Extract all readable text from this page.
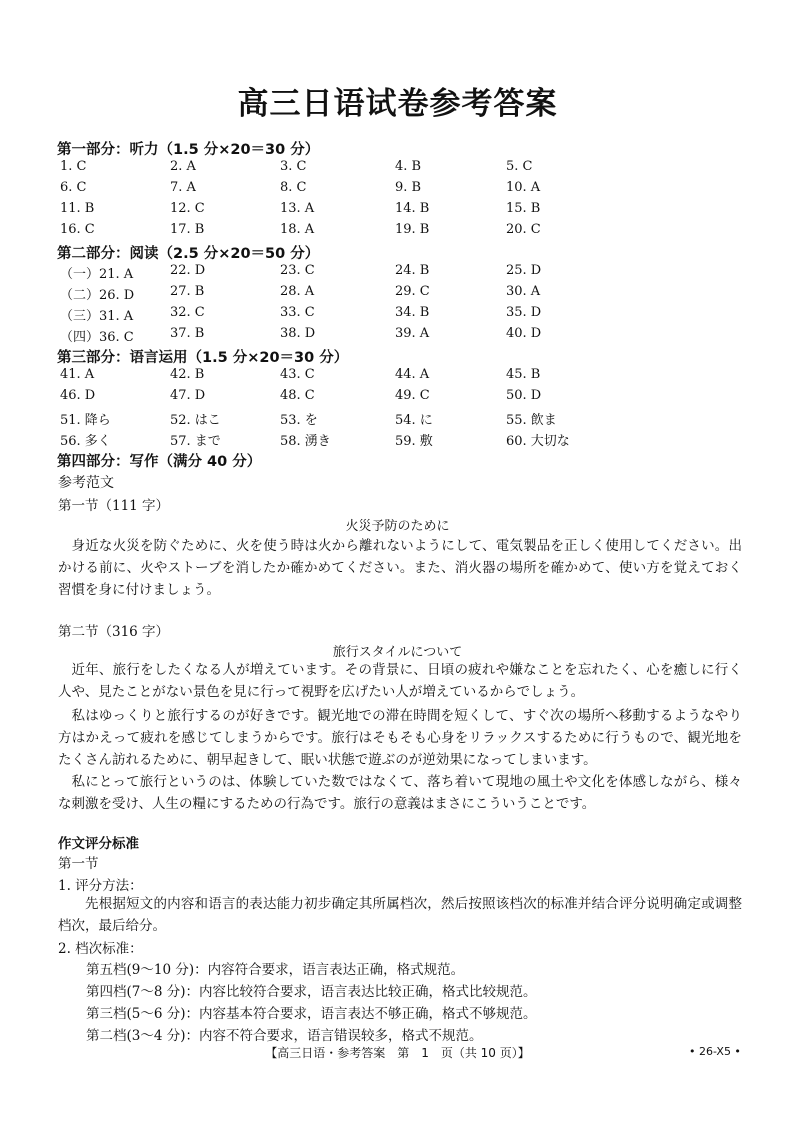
高三日语试卷参考答案
第一部分：听力（1.5 分×20＝30 分）
1. C	2. A	3. C	4. B	5. C
6. C	7. A	8. C	9. B	10. A
11. B	12. C	13. A	14. B	15. B
16. C	17. B	18. A	19. B	20. C
第二部分：阅读（2.5 分×20＝50 分）
（一）21. A	22. D	23. C	24. B	25. D
（二）26. D	27. B	28. A	29. C	30. A
（三）31. A	32. C	33. C	34. B	35. D
（四）36. C	37. B	38. D	39. A	40. D
第三部分：语言运用（1.5 分×20＝30 分）
41. A	42. B	43. C	44. A	45. B
46. D	47. D	48. C	49. C	50. D
51. 降ら	52. はこ	53. を	54. に	55. 飲ま
56. 多く	57. まで	58. 湧き	59. 敷	60. 大切な
第四部分：写作（满分 40 分）
参考范文
第一节（111 字）
火災予防のために
身近な火災を防ぐために、火を使う時は火から離れないようにして、電気製品を正しく使用してください。出かける前に、火やストーブを消したか確かめてください。また、消火器の場所を確かめて、使い方を覚えておく習慣を身に付けましょう。
第二节（316 字）
旅行スタイルについて
近年、旅行をしたくなる人が増えています。その背景に、日頃の疲れや嫌なことを忘れたく、心を癒しに行く人や、見たことがない景色を見に行って視野を広げたい人が増えているからでしょう。
私はゆっくりと旅行するのが好きです。観光地での滞在時間を短くして、すぐ次の場所へ移動するようなやり方はかえって疲れを感じてしまうからです。旅行はそもそも心身をリラックスするために行うもので、観光地をたくさん訪れるために、朝早起きして、眠い状態で遊ぶのが逆効果になってしまいます。
私にとって旅行というのは、体験していた数ではなくて、落ち着いて現地の風土や文化を体感しながら、様々な刺激を受け、人生の糧にするための行為です。旅行の意義はまさにこういうことです。
作文评分标准
第一节
1. 评分方法：
先根据短文的内容和语言的表达能力初步确定其所属档次，然后按照该档次的标准并结合评分说明确定或调整档次，最后给分。
2. 档次标准：
第五档(9～10 分)：内容符合要求，语言表达正确，格式规范。
第四档(7～8 分)：内容比较符合要求，语言表达比较正确，格式比较规范。
第三档(5～6 分)：内容基本符合要求，语言表达不够正确，格式不够规范。
第二档(3～4 分)：内容不符合要求，语言错误较多，格式不规范。
【高三日语・参考答案　第　1　页（共 10 页）】	• 26-X5 •
